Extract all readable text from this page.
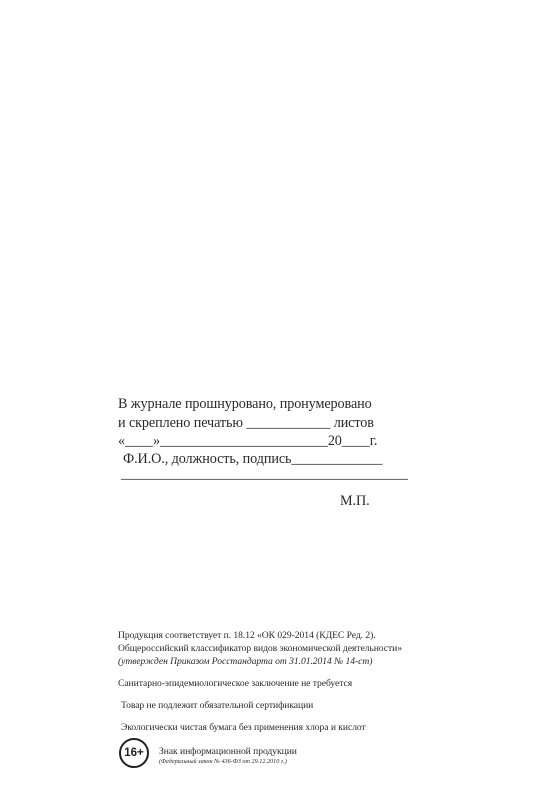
В журнале прошнуровано, пронумеровано
и скреплено печатью ____________ листов
«____»________________________20____г.
Ф.И.О., должность, подпись_____________
_________________________________________
М.П.
Продукция соответствует п. 18.12 «ОК 029-2014 (КДЕС Ред. 2).
Общероссийский классификатор видов экономической деятельности»
(утвержден Приказом Росстандарта от 31.01.2014 № 14-ст)
Санитарно-эпидемиологическое заключение не требуется
Товар не подлежит обязательной сертификации
Экологически чистая бумага без применения хлора и кислот
16+ Знак информационной продукции
(Федеральный закон № 436-ФЗ от 29.12.2010 г.)
